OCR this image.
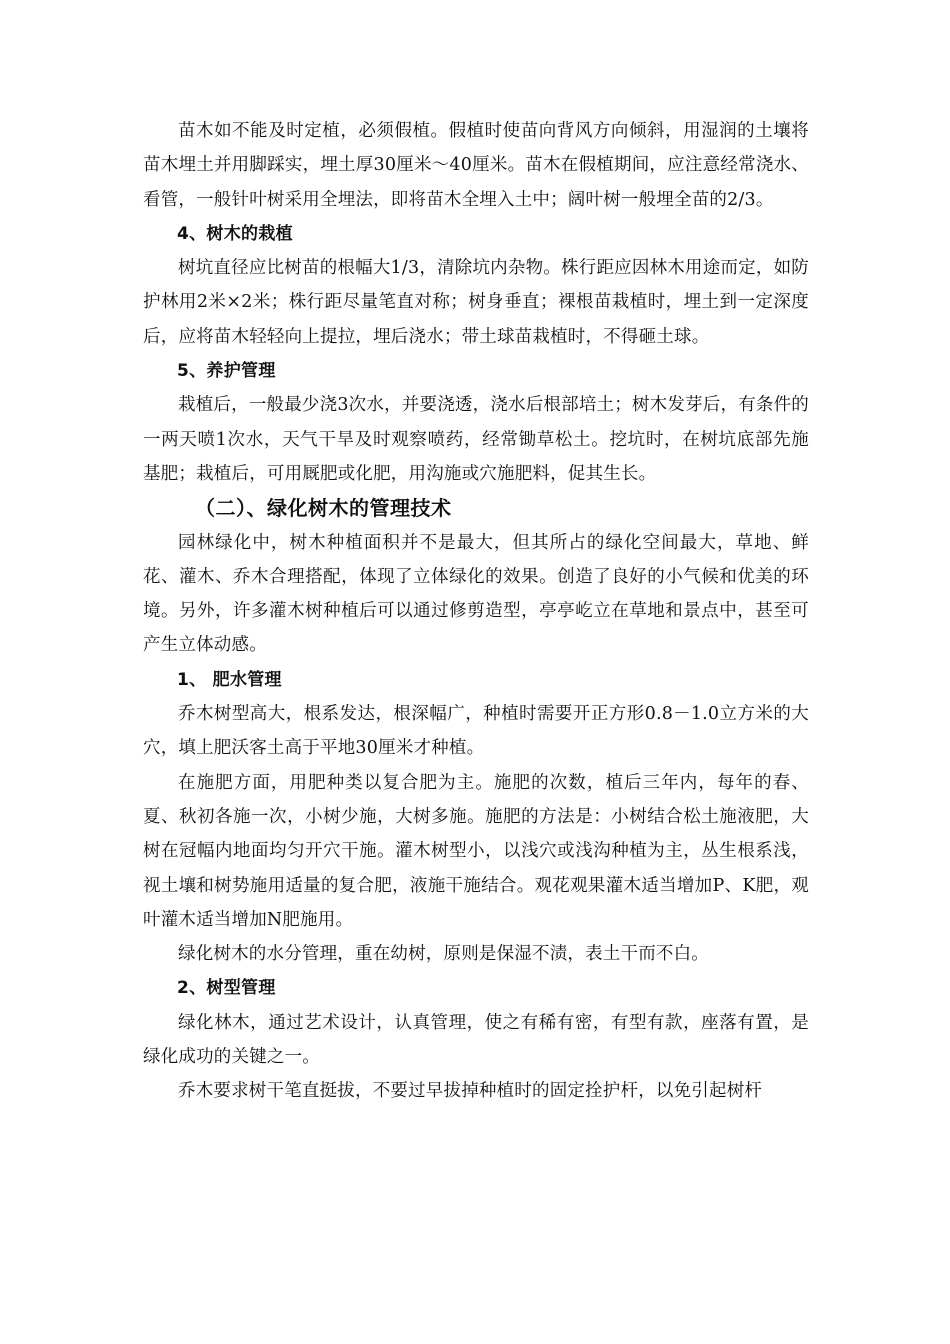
苗木如不能及时定植，必须假植。假植时使苗向背风方向倾斜，用湿润的土壤将苗木埋土并用脚踩实，埋土厚30厘米～40厘米。苗木在假植期间，应注意经常浇水、看管，一般针叶树采用全埋法，即将苗木全埋入土中；阔叶树一般埋全苗的2/3。

4、树木的栽植

树坑直径应比树苗的根幅大1/3，清除坑内杂物。株行距应因林木用途而定，如防护林用2米×2米；株行距尽量笔直对称；树身垂直；裸根苗栽植时，埋土到一定深度后，应将苗木轻轻向上提拉，埋后浇水；带土球苗栽植时，不得砸土球。

5、养护管理

栽植后，一般最少浇3次水，并要浇透，浇水后根部培土；树木发芽后，有条件的一两天喷1次水，天气干旱及时观察喷药，经常锄草松土。挖坑时，在树坑底部先施基肥；栽植后，可用厩肥或化肥，用沟施或穴施肥料，促其生长。

（二）、绿化树木的管理技术

园林绿化中，树木种植面积并不是最大，但其所占的绿化空间最大，草地、鲜花、灌木、乔木合理搭配，体现了立体绿化的效果。创造了良好的小气候和优美的环境。另外，许多灌木树种植后可以通过修剪造型，亭亭屹立在草地和景点中，甚至可产生立体动感。

1、 肥水管理

乔木树型高大，根系发达，根深幅广，种植时需要开正方形0.8－1.0立方米的大穴，填上肥沃客土高于平地30厘米才种植。

在施肥方面，用肥种类以复合肥为主。施肥的次数，植后三年内，每年的春、夏、秋初各施一次，小树少施，大树多施。施肥的方法是：小树结合松土施液肥，大树在冠幅内地面均匀开穴干施。灌木树型小，以浅穴或浅沟种植为主，丛生根系浅，视土壤和树势施用适量的复合肥，液施干施结合。观花观果灌木适当增加P、K肥，观叶灌木适当增加N肥施用。

绿化树木的水分管理，重在幼树，原则是保湿不渍，表土干而不白。

2、树型管理

绿化林木，通过艺术设计，认真管理，使之有稀有密，有型有款，座落有置，是绿化成功的关键之一。

乔木要求树干笔直挺拔，不要过早拔掉种植时的固定拴护杆，以免引起树杆
